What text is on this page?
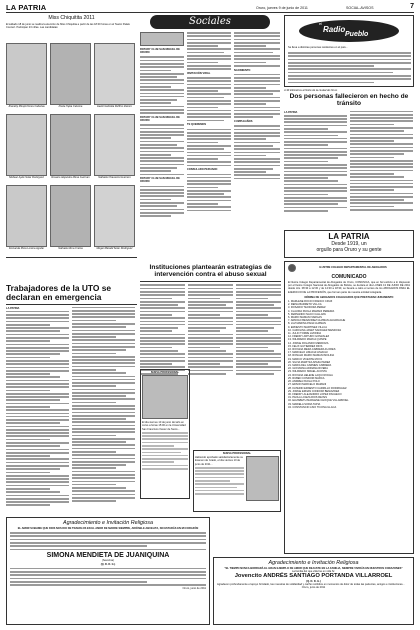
LA PATRIA	Oruro, jueves 9 de junio de 2011	SOCIAL-AVISOS	7
Miss Chiquitita 2011
El sábado 18 de junio se realiza la elección de Miss Chiquitita a partir de las 18:00 horas en el Teatro Palais Concert. Participan 23 niñas. Las candidatas:
Jhanetty Mirapi Flores Cabezas	Paola Tapia Cabrera	Hazel Gabriela Ruffino Zamiro
Melisan Ayde Solar Rodriguez	Rosario Alejandra Mena Guzman	Nathalia Chavarria Guerrero
Fernanda Mora Lorena Aguilar	Nathalia Mora Creina	Megan Beralid Solar Rodriguez
Sociales
ROTARY CLUB SAN MIGUEL DE ORURO
ROTARY CLUB SAN MIGUEL DE ORURO
ROTARY CLUB SAN MIGUEL DE ORURO
INVITACIÓN VIRAL
TE QUEREMOS
CONSULADO PERUANO
NACIMIENTO
CUMPLEAÑOS
el
Radio
Pueblo
Se lleva a distintas personas residentes en el país...
A 30 kilómetros al Norte de la ciudad de Oruro
Dos personas fallecieron en hecho de tránsito
LA PATRIA
LA PATRIA
Desde 1919, un
orgullo para Oruro y su gente
ILUSTRE COLEGIO DEPARTAMENTAL DE ABOGADOS
COMUNICADO
El Ilustre Colegio Departamental de Abogados de Oruro, COMUNICA, que en fiel estricto a lo dispuesto por el Ilustre Colegio Nacional de Abogados de Bolivia, se declara el día LUNES 13 DE JUNIO DE 2011 desde Hrs. 08:30 a 12:30 y de 14:30 a 18:30, se llevará a cabo el sorteo de los ABOGADOS PARA EL EJERCICIO DE LA PROFESIÓN, que forman parte de nuestra entidad colegiada.
NÓMINA DE ABOGADOS COLEGIADOS QUE PRESTARAN JURAMENTO
1. MARLENE ROCIO FRANCO CRUZ
2. REINA BARRETO VILLCA
3. ROSARIO TEODORA PEREZ
4. CLAUDIA PAOLA MAMANI PEREIRA
5. FERNANDO NACO CALLAPA
6. MARIO MAMANI VARGAS
7. ARNOLD BENAVIDEZ GUZMAN ALDARACHE
8. LUZ MARINA PANA GUZMAN
9. ERNESTO MARTINEZ VILLCA
10. CAROLINA JANET SÁNCHEZ MENDOZA
11. JULIO TORRE LIZONDA
12. FREDDY ARTURO GONZALEZ
13. WILFREDO MARCA QUISPE
14. JORGE ROLANDO MENDOZA
15. FELIX GUTIERREZ RIOS
16. ROXANA MERA CABRERA FLORES
17. MARCELO LIMACHI LIMACHI
18. RONALD MARIO MAMANI MOLINA
19. MARCO VICENTE MOYA
20. SILVIA MARITZA APAZA PEREZ
21. MARIA DEL CARMEN CABRERA
22. GIOVANNA ADRIANA RIVERA
23. WILFREDO ISRAEL ACOSTA
24. ROXANA HELENE LAQUI ROCHA
25. RUBEN CONDORI MARCA
26. ANDREA PAOLA POLO
27. EDSON MARCELO MAMANI
28. KATERIN ERNESTO CARRILLO RODRIGUEZ
29. JORGE ERNAN CONDORI BENAVIDEZ
30. FREDDY ALEJANDRO LOPEZ PACHECO
31. PAOLA LOAIZA RIOS REYES
32. ELIZABETH MARLENE CHOQUE VILLARROEL
33. MARIELA SORIA TAPIA
34. CONSTANCIO LINO TICONA ILLACA
Trabajadores de la UTO se declaran en emergencia
LA PATRIA
Instituciones plantearán estrategias de intervención contra el abuso sexual
NUEVA PROFESIONAL
El día viernes 10 de junio del año en curso a horas 15:00 en la Universidad San Francisco Xavier de Sucre...
NUEVA PROFESIONAL
Habiendo aprobado satisfactoriamente su Examen de Grado, el día viernes 10 de junio de 2011...
Agradecimiento e Invitación Religiosa
EL AMOR SUBLIME QUE DIOS NOS DIO DE TRAERLOS EN EL AMOR DE MADRE SIEMPRE, ADIÓSELE ABUELITA, NO ESTARÁS EN MI CORAZÓN
SIMONA MENDIETA DE JUANIQUINA
(Severina)
(Q. D. D. G.)
Oruro, junio de 2011
Agradecimiento e Invitación Religiosa
"EL TIEMPO NUNCA BORRARÁ EL GRAN EJEMPLO DE AMOR QUE DEJASTE EN LA FAMILIA, SIEMPRE VIVIRÁS EN NUESTROS CORAZONES"
La familia del que vida fue en vida Sr.
Jovencito ANDRÉS SANTIAGO PORTANDA VILLARROEL
(Q. D. D. G.)
Agradecen profundamente el apoyo brindado, las muestras de solidaridad y cariño recibidos en momentos de dolor de todas las parientes, amigos e instituciones...
Oruro, junio de 2011
